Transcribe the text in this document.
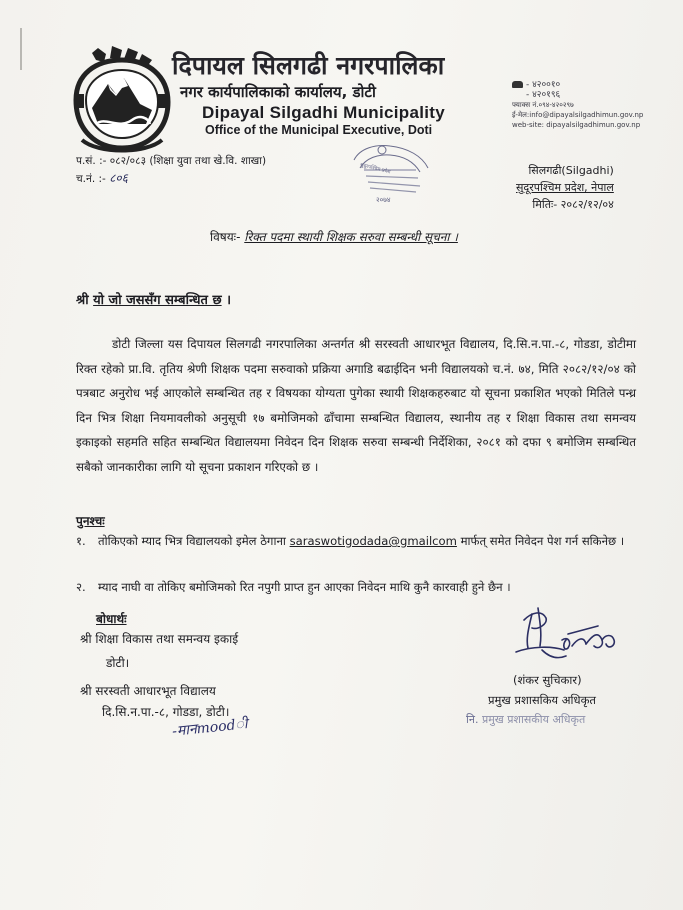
दिपायल सिलगढी नगरपालिका
नगर कार्यपालिकाको कार्यालय, डोटी
Dipayal Silgadhi Municipality
Office of the Municipal Executive, Doti
- ४२००१०
- ४२०१९६
फ्याक्स नं.०९४-४२०२९७
ई-मेल:info@dipayalsilgadhimun.gov.np
web-site: dipayalsilgadhimun.gov.np
प.सं. :- ०८२/०८३ (शिक्षा युवा तथा खे.वि. शाखा)
च.नं. :- ८०६
२०७४
सुदूरपश्चिम प्रदेश	सिलगढी(Silgadhi)
सुदूरपश्चिम प्रदेश, नेपाल
मितिः- २०८२/१२/०४
विषयः- रिक्त पदमा स्थायी शिक्षक सरुवा सम्बन्धी सूचना ।
श्री यो जो जससँग सम्बन्धित छ ।
डोटी जिल्ला यस दिपायल सिलगढी नगरपालिका अन्तर्गत श्री सरस्वती आधारभूत विद्यालय, दि.सि.न.पा.-८, गोडडा, डोटीमा रिक्त रहेको प्रा.वि. तृतिय श्रेणी शिक्षक पदमा सरुवाको प्रक्रिया अगाडि बढाईदिन भनी विद्यालयको च.नं. ७४, मिति २०८२/१२/०४ को पत्रबाट अनुरोध भई आएकोले सम्बन्धित तह र विषयका योग्यता पुगेका स्थायी शिक्षकहरुबाट यो सूचना प्रकाशित भएको मितिले पन्ध्र दिन भित्र शिक्षा नियमावलीको अनुसूची १७ बमोजिमको ढाँचामा सम्बन्धित विद्यालय, स्थानीय तह र शिक्षा विकास तथा समन्वय इकाइको सहमति सहित सम्बन्धित विद्यालयमा निवेदन दिन शिक्षक सरुवा सम्बन्धी निर्देशिका, २०८१ को दफा ९ बमोजिम सम्बन्धित सबैको जानकारीका लागि यो सूचना प्रकाशन गरिएको छ ।
पुनश्चः
१.	तोकिएको म्याद भित्र विद्यालयको इमेल ठेगाना saraswotigodada@gmailcom मार्फत् समेत निवेदन पेश गर्न सकिनेछ ।
२.	म्याद नाघी वा तोकिए बमोजिमको रित नपुगी प्राप्त हुन आएका निवेदन माथि कुनै कारवाही हुने छैन ।
बोधार्थः
श्री शिक्षा विकास तथा समन्वय इकाई
डोटी।
श्री सरस्वती आधारभूत विद्यालय
दि.सि.न.पा.-८, गोडडा, डोटी।
-मानmoodी
(शंकर सुचिकार)
प्रमुख प्रशासकिय अधिकृत
नि. प्रमुख प्रशासकीय अधिकृत
